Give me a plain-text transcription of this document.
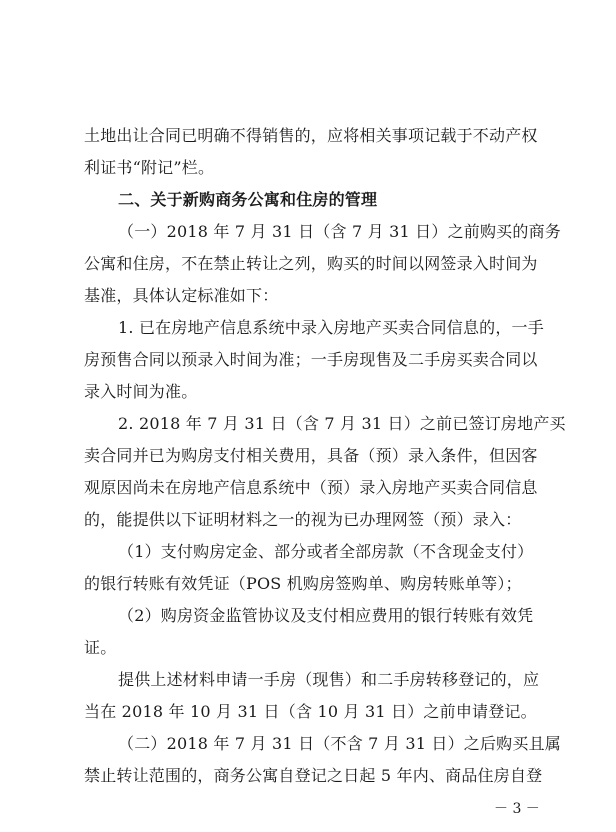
土地出让合同已明确不得销售的，应将相关事项记载于不动产权
利证书“附记”栏。
二、关于新购商务公寓和住房的管理
（一）2018 年 7 月 31 日（含 7 月 31 日）之前购买的商务
公寓和住房，不在禁止转让之列，购买的时间以网签录入时间为
基准，具体认定标准如下：
1. 已在房地产信息系统中录入房地产买卖合同信息的，一手
房预售合同以预录入时间为准；一手房现售及二手房买卖合同以
录入时间为准。
2. 2018 年 7 月 31 日（含 7 月 31 日）之前已签订房地产买
卖合同并已为购房支付相关费用，具备（预）录入条件，但因客
观原因尚未在房地产信息系统中（预）录入房地产买卖合同信息
的，能提供以下证明材料之一的视为已办理网签（预）录入：
（1）支付购房定金、部分或者全部房款（不含现金支付）
的银行转账有效凭证（POS 机购房签购单、购房转账单等）；
（2）购房资金监管协议及支付相应费用的银行转账有效凭
证。
提供上述材料申请一手房（现售）和二手房转移登记的，应
当在 2018 年 10 月 31 日（含 10 月 31 日）之前申请登记。
（二）2018 年 7 月 31 日（不含 7 月 31 日）之后购买且属
禁止转让范围的，商务公寓自登记之日起 5 年内、商品住房自登
－ 3 －
